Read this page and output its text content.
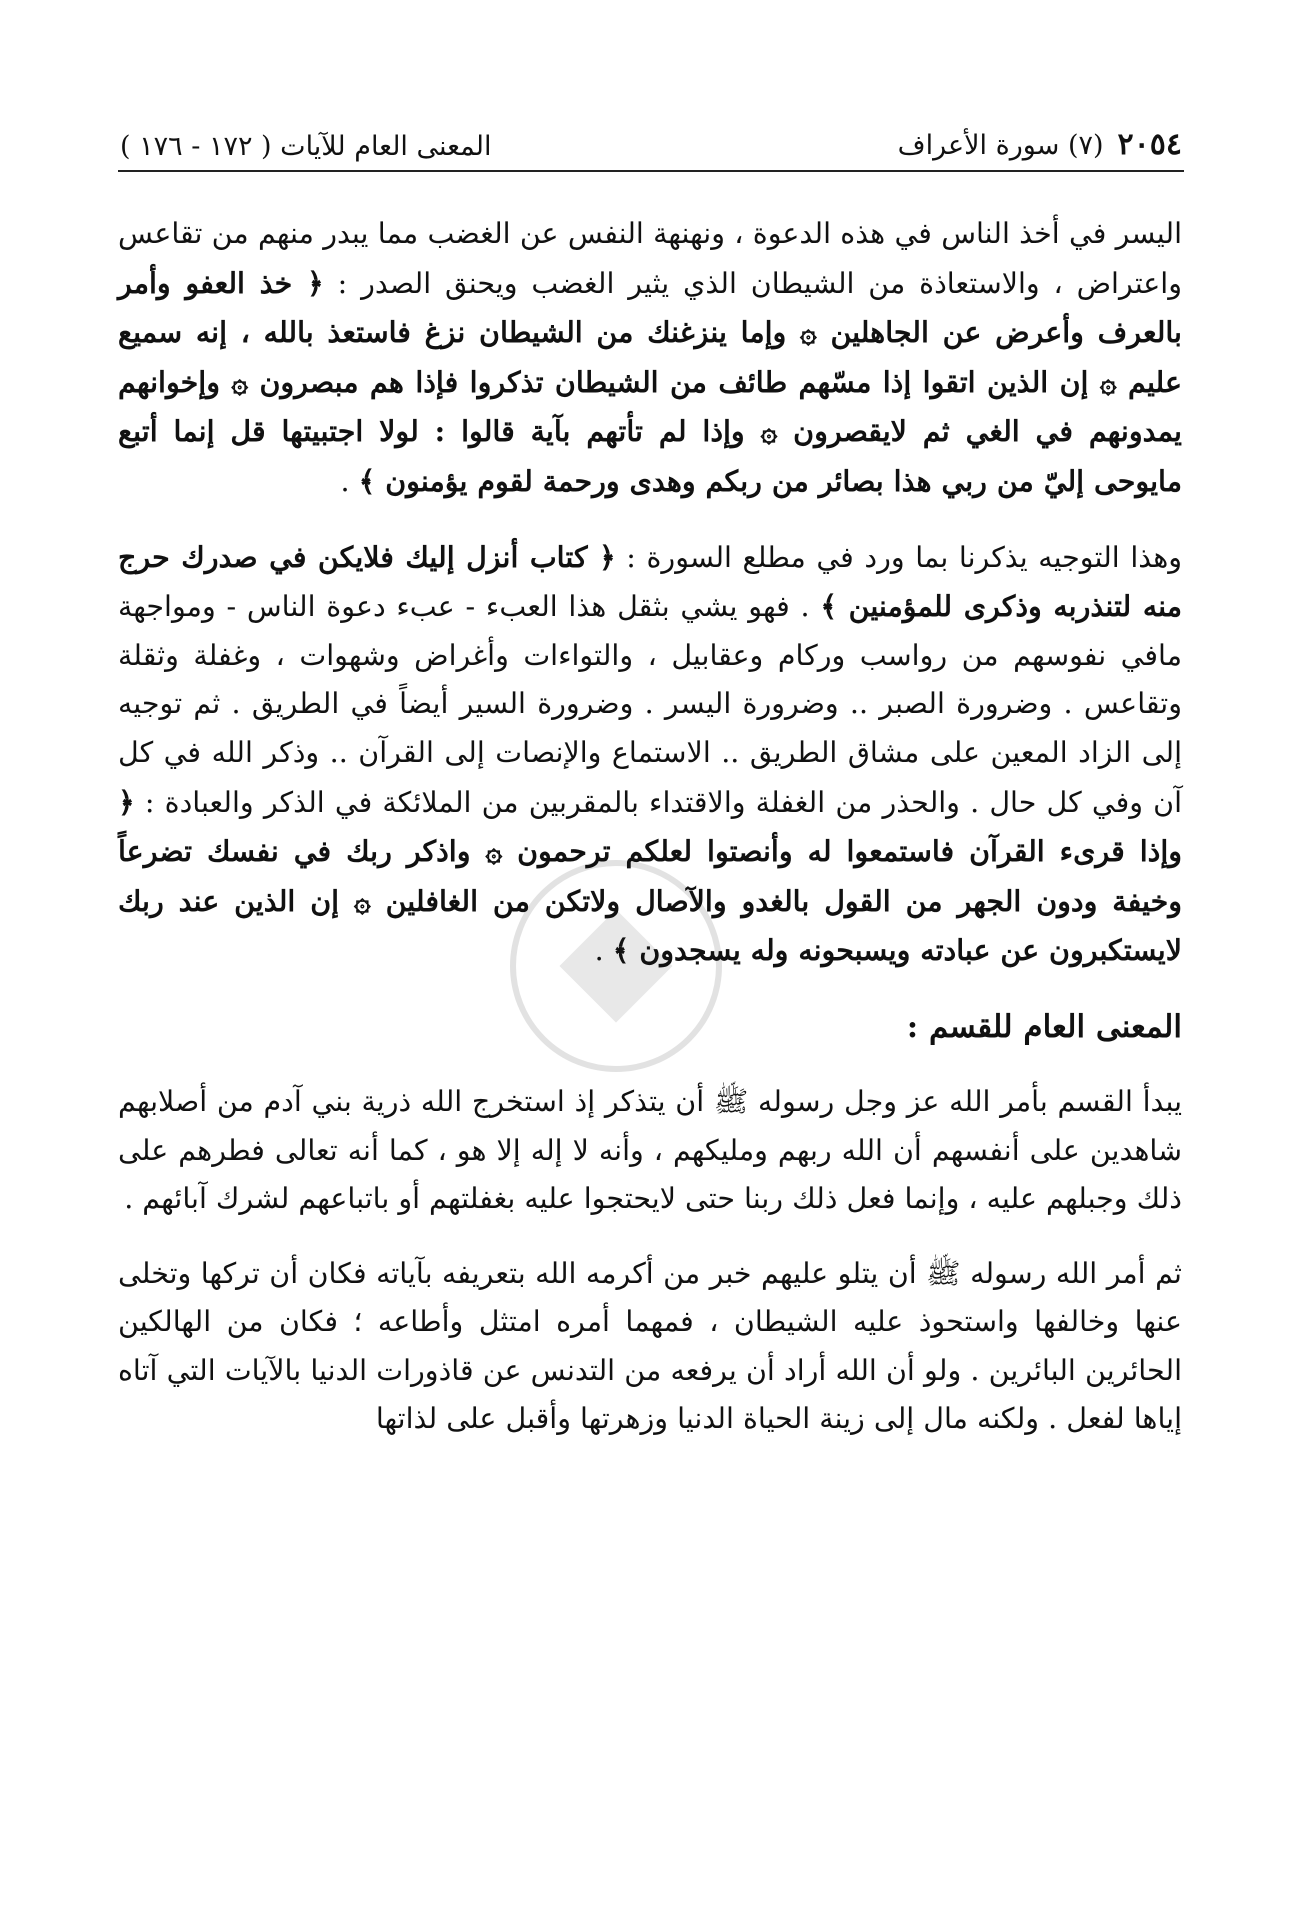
٢٠٥٤
(٧) سورة الأعراف
المعنى العام للآيات ( ١٧٢ - ١٧٦ )

اليسر في أخذ الناس في هذه الدعوة ، ونهنهة النفس عن الغضب مما يبدر منهم من تقاعس واعتراض ، والاستعاذة من الشيطان الذي يثير الغضب ويحنق الصدر : ﴿ خذ العفو وأمر بالعرف وأعرض عن الجاهلين ۞ وإما ينزغنك من الشيطان نزغ فاستعذ بالله ، إنه سميع عليم ۞ إن الذين اتقوا إذا مسّهم طائف من الشيطان تذكروا فإذا هم مبصرون ۞ وإخوانهم يمدونهم في الغي ثم لايقصرون ۞ وإذا لم تأتهم بآية قالوا : لولا اجتبيتها قل إنما أتبع مايوحى إليّ من ربي هذا بصائر من ربكم وهدى ورحمة لقوم يؤمنون ﴾ .

وهذا التوجيه يذكرنا بما ورد في مطلع السورة : ﴿ كتاب أنزل إليك فلايكن في صدرك حرج منه لتنذربه وذكرى للمؤمنين ﴾ . فهو يشي بثقل هذا العبء - عبء دعوة الناس - ومواجهة مافي نفوسهم من رواسب وركام وعقابيل ، والتواءات وأغراض وشهوات ، وغفلة وثقلة وتقاعس . وضرورة الصبر .. وضرورة اليسر . وضرورة السير أيضاً في الطريق . ثم توجيه إلى الزاد المعين على مشاق الطريق .. الاستماع والإنصات إلى القرآن .. وذكر الله في كل آن وفي كل حال . والحذر من الغفلة والاقتداء بالمقربين من الملائكة في الذكر والعبادة : ﴿ وإذا قرىء القرآن فاستمعوا له وأنصتوا لعلكم ترحمون ۞ واذكر ربك في نفسك تضرعاً وخيفة ودون الجهر من القول بالغدو والآصال ولاتكن من الغافلين ۞ إن الذين عند ربك لايستكبرون عن عبادته ويسبحونه وله يسجدون ﴾ .

المعنى العام للقسم :

يبدأ القسم بأمر الله عز وجل رسوله ﷺ أن يتذكر إذ استخرج الله ذرية بني آدم من أصلابهم شاهدين على أنفسهم أن الله ربهم ومليكهم ، وأنه لا إله إلا هو ، كما أنه تعالى فطرهم على ذلك وجبلهم عليه ، وإنما فعل ذلك ربنا حتى لايحتجوا عليه بغفلتهم أو باتباعهم لشرك آبائهم .

ثم أمر الله رسوله ﷺ أن يتلو عليهم خبر من أكرمه الله بتعريفه بآياته فكان أن تركها وتخلى عنها وخالفها واستحوذ عليه الشيطان ، فمهما أمره امتثل وأطاعه ؛ فكان من الهالكين الحائرين البائرين . ولو أن الله أراد أن يرفعه من التدنس عن قاذورات الدنيا بالآيات التي آتاه إياها لفعل . ولكنه مال إلى زينة الحياة الدنيا وزهرتها وأقبل على لذاتها
